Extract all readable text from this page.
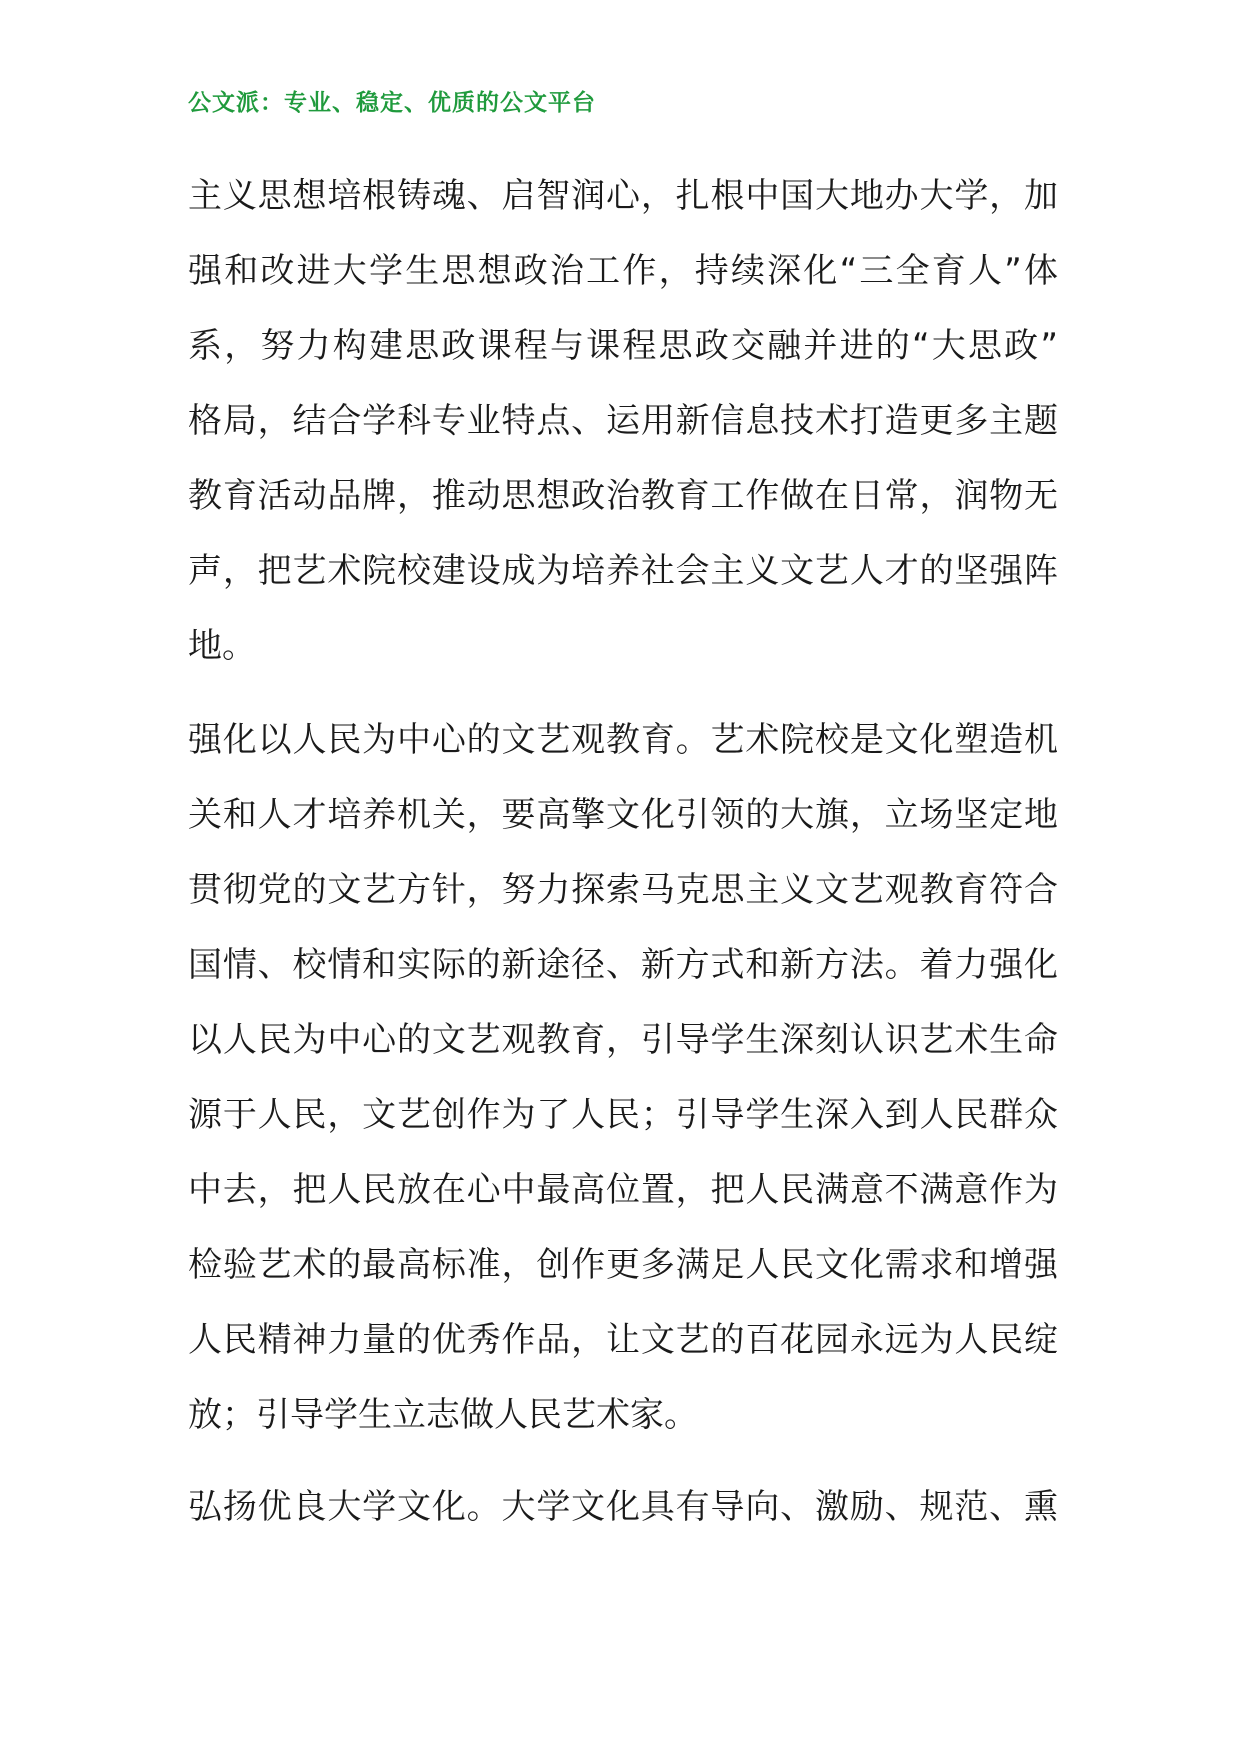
公文派：专业、稳定、优质的公文平台
主义思想培根铸魂、启智润心，扎根中国大地办大学，加
强和改进大学生思想政治工作，持续深化“三全育人”体
系，努力构建思政课程与课程思政交融并进的“大思政”
格局，结合学科专业特点、运用新信息技术打造更多主题
教育活动品牌，推动思想政治教育工作做在日常，润物无
声，把艺术院校建设成为培养社会主义文艺人才的坚强阵
地。
强化以人民为中心的文艺观教育。艺术院校是文化塑造机
关和人才培养机关，要高擎文化引领的大旗，立场坚定地
贯彻党的文艺方针，努力探索马克思主义文艺观教育符合
国情、校情和实际的新途径、新方式和新方法。着力强化
以人民为中心的文艺观教育，引导学生深刻认识艺术生命
源于人民，文艺创作为了人民；引导学生深入到人民群众
中去，把人民放在心中最高位置，把人民满意不满意作为
检验艺术的最高标准，创作更多满足人民文化需求和增强
人民精神力量的优秀作品，让文艺的百花园永远为人民绽
放；引导学生立志做人民艺术家。
弘扬优良大学文化。大学文化具有导向、激励、规范、熏
